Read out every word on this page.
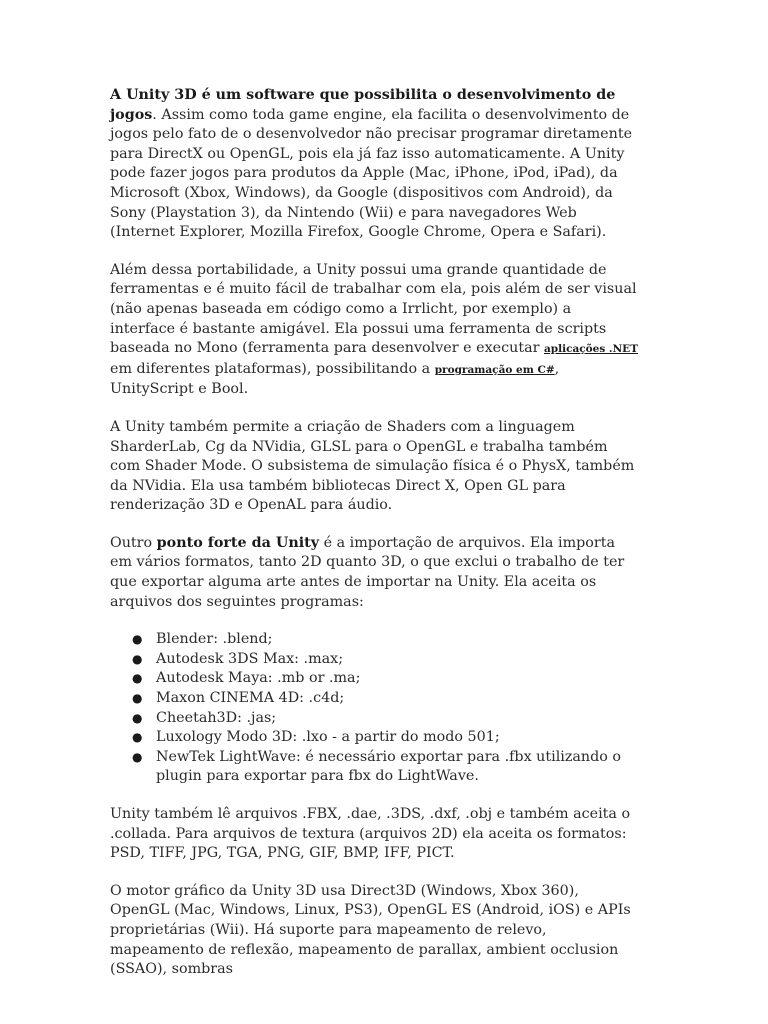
A Unity 3D é um software que possibilita o desenvolvimento de jogos. Assim como toda game engine, ela facilita o desenvolvimento de jogos pelo fato de o desenvolvedor não precisar programar diretamente para DirectX ou OpenGL, pois ela já faz isso automaticamente. A Unity pode fazer jogos para produtos da Apple (Mac, iPhone, iPod, iPad), da Microsoft (Xbox, Windows), da Google (dispositivos com Android), da Sony (Playstation 3), da Nintendo (Wii) e para navegadores Web (Internet Explorer, Mozilla Firefox, Google Chrome, Opera e Safari).

Além dessa portabilidade, a Unity possui uma grande quantidade de ferramentas e é muito fácil de trabalhar com ela, pois além de ser visual (não apenas baseada em código como a Irrlicht, por exemplo) a interface é bastante amigável. Ela possui uma ferramenta de scripts baseada no Mono (ferramenta para desenvolver e executar aplicações .NET em diferentes plataformas), possibilitando a programação em C#, UnityScript e Bool.

A Unity também permite a criação de Shaders com a linguagem SharderLab, Cg da NVidia, GLSL para o OpenGL e trabalha também com Shader Mode. O subsistema de simulação física é o PhysX, também da NVidia. Ela usa também bibliotecas Direct X, Open GL para renderização 3D e OpenAL para áudio.

Outro ponto forte da Unity é a importação de arquivos. Ela importa em vários formatos, tanto 2D quanto 3D, o que exclui o trabalho de ter que exportar alguma arte antes de importar na Unity. Ela aceita os arquivos dos seguintes programas:

● Blender: .blend;
● Autodesk 3DS Max: .max;
● Autodesk Maya: .mb or .ma;
● Maxon CINEMA 4D: .c4d;
● Cheetah3D: .jas;
● Luxology Modo 3D: .lxo - a partir do modo 501;
● NewTek LightWave: é necessário exportar para .fbx utilizando o plugin para exportar para fbx do LightWave.

Unity também lê arquivos .FBX, .dae, .3DS, .dxf, .obj e também aceita o .collada. Para arquivos de textura (arquivos 2D) ela aceita os formatos: PSD, TIFF, JPG, TGA, PNG, GIF, BMP, IFF, PICT.

O motor gráfico da Unity 3D usa Direct3D (Windows, Xbox 360), OpenGL (Mac, Windows, Linux, PS3), OpenGL ES (Android, iOS) e APIs proprietárias (Wii). Há suporte para mapeamento de relevo, mapeamento de reflexão, mapeamento de parallax, ambient occlusion (SSAO), sombras
